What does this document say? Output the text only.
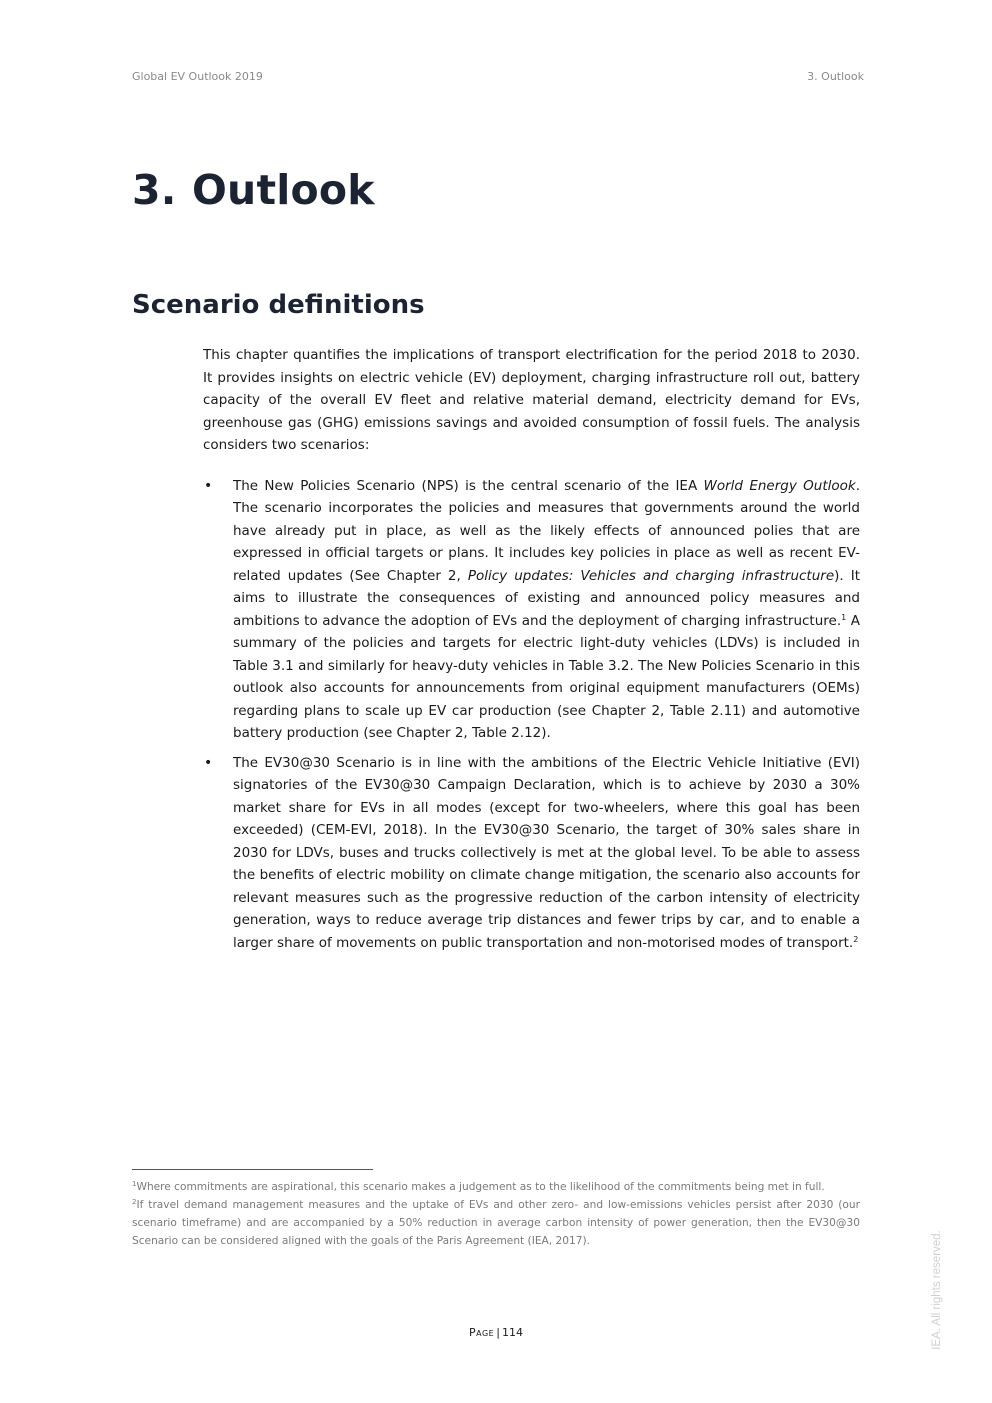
Global EV Outlook 2019	3. Outlook
3. Outlook
Scenario definitions

This chapter quantifies the implications of transport electrification for the period 2018 to 2030. It provides insights on electric vehicle (EV) deployment, charging infrastructure roll out, battery capacity of the overall EV fleet and relative material demand, electricity demand for EVs, greenhouse gas (GHG) emissions savings and avoided consumption of fossil fuels. The analysis considers two scenarios:

• The New Policies Scenario (NPS) is the central scenario of the IEA World Energy Outlook. The scenario incorporates the policies and measures that governments around the world have already put in place, as well as the likely effects of announced polies that are expressed in official targets or plans. It includes key policies in place as well as recent EV-related updates (See Chapter 2, Policy updates: Vehicles and charging infrastructure). It aims to illustrate the consequences of existing and announced policy measures and ambitions to advance the adoption of EVs and the deployment of charging infrastructure.$^1$ A summary of the policies and targets for electric light-duty vehicles (LDVs) is included in Table 3.1 and similarly for heavy-duty vehicles in Table 3.2. The New Policies Scenario in this outlook also accounts for announcements from original equipment manufacturers (OEMs) regarding plans to scale up EV car production (see Chapter 2, Table 2.11) and automotive battery production (see Chapter 2, Table 2.12).
• The EV30@30 Scenario is in line with the ambitions of the Electric Vehicle Initiative (EVI) signatories of the EV30@30 Campaign Declaration, which is to achieve by 2030 a 30% market share for EVs in all modes (except for two-wheelers, where this goal has been exceeded) (CEM-EVI, 2018). In the EV30@30 Scenario, the target of 30% sales share in 2030 for LDVs, buses and trucks collectively is met at the global level. To be able to assess the benefits of electric mobility on climate change mitigation, the scenario also accounts for relevant measures such as the progressive reduction of the carbon intensity of electricity generation, ways to reduce average trip distances and fewer trips by car, and to enable a larger share of movements on public transportation and non-motorised modes of transport.$^2$

$^1$Where commitments are aspirational, this scenario makes a judgement as to the likelihood of the commitments being met in full.

$^2$If travel demand management measures and the uptake of EVs and other zero- and low-emissions vehicles persist after 2030 (our scenario timeframe) and are accompanied by a 50% reduction in average carbon intensity of power generation, then the EV30@30 Scenario can be considered aligned with the goals of the Paris Agreement (IEA, 2017).

Page | 114	IEA. All rights reserved.
